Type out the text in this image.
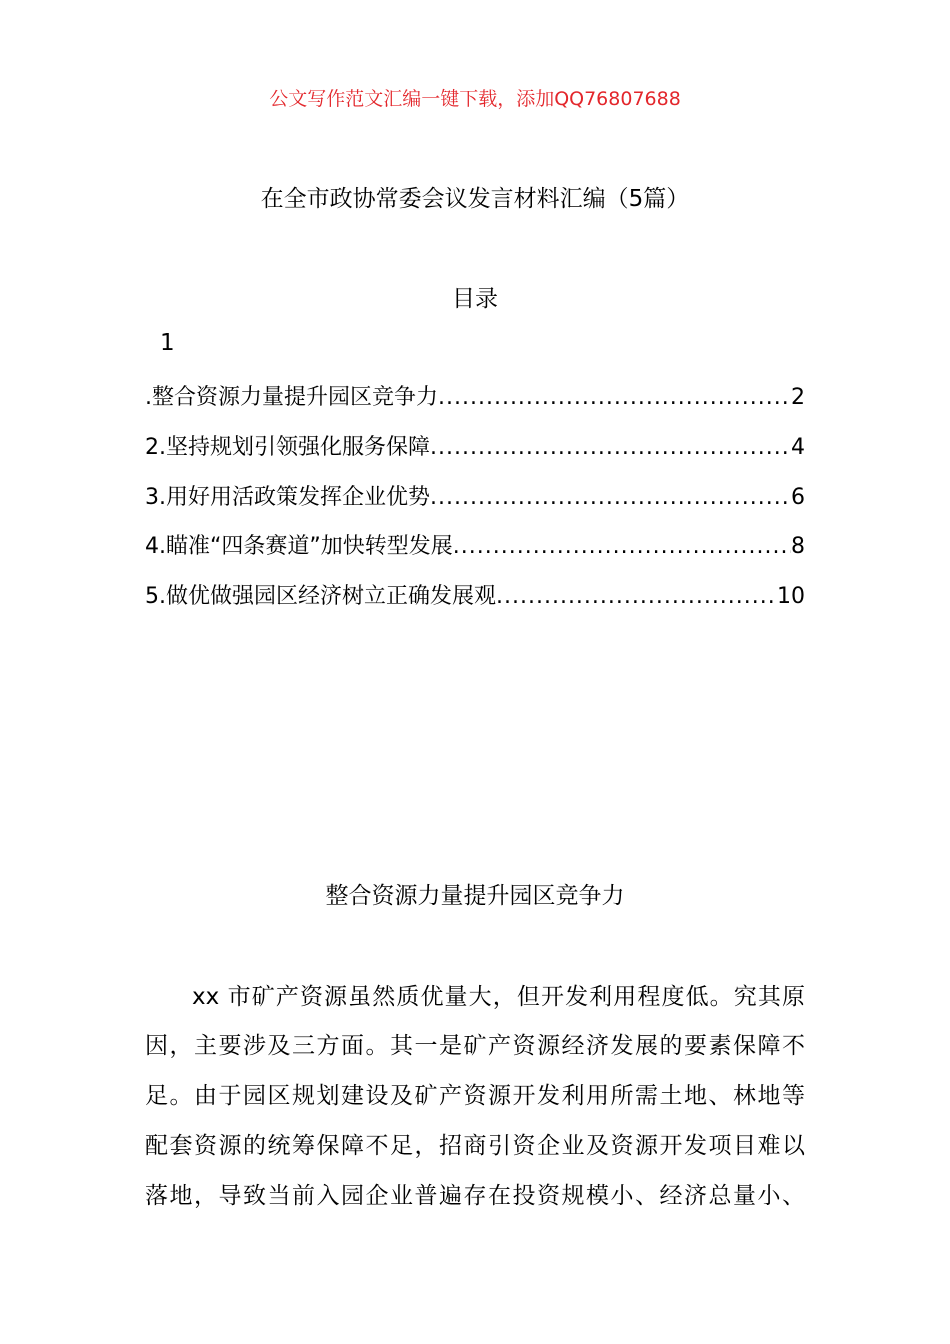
公文写作范文汇编一键下载，添加QQ76807688
在全市政协常委会议发言材料汇编（5篇）
目录
1
.整合资源力量提升园区竞争力 .....	2
2.坚持规划引领强化服务保障 .....	4
3.用好用活政策发挥企业优势 .....	6
4.瞄准“四条赛道”加快转型发展 .....	8
5.做优做强园区经济树立正确发展观 .....	10
整合资源力量提升园区竞争力
xx 市矿产资源虽然质优量大，但开发利用程度低。究其原
因，主要涉及三方面。其一是矿产资源经济发展的要素保障不
足。由于园区规划建设及矿产资源开发利用所需土地、林地等
配套资源的统筹保障不足，招商引资企业及资源开发项目难以
落地，导致当前入园企业普遍存在投资规模小、经济总量小、
